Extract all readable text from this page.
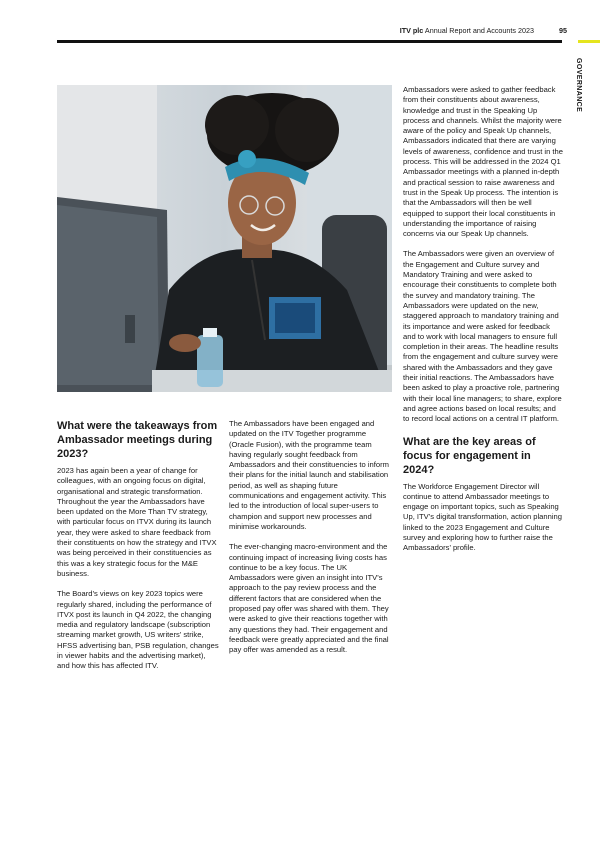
ITV plc Annual Report and Accounts 2023	95
GOVERNANCE
What were the takeaways from Ambassador meetings during 2023?

2023 has again been a year of change for colleagues, with an ongoing focus on digital, organisational and strategic transformation. Throughout the year the Ambassadors have been updated on the More Than TV strategy, with particular focus on ITVX during its launch year, they were asked to share feedback from their constituents on how the strategy and ITVX was being perceived in their constituencies as this was a key strategic focus for the M&E business.

The Board’s views on key 2023 topics were regularly shared, including the performance of ITVX post its launch in Q4 2022, the changing media and regulatory landscape (subscription streaming market growth, US writers’ strike, HFSS advertising ban, PSB regulation, changes in viewer habits and the advertising market), and how this has affected ITV.

The Ambassadors have been engaged and updated on the ITV Together programme (Oracle Fusion), with the programme team having regularly sought feedback from Ambassadors and their constituencies to inform their plans for the initial launch and stabilisation period, as well as shaping future communications and engagement activity. This led to the introduction of local super-users to champion and support new processes and minimise workarounds.

The ever-changing macro-environment and the continuing impact of increasing living costs has continue to be a key focus. The UK Ambassadors were given an insight into ITV’s approach to the pay review process and the different factors that are considered when the proposed pay offer was shared with them. They were asked to give their reactions together with any questions they had. Their engagement and feedback were greatly appreciated and the final pay offer was amended as a result.

Ambassadors were asked to gather feedback from their constituents about awareness, knowledge and trust in the Speaking Up process and channels. Whilst the majority were aware of the policy and Speak Up channels, Ambassadors indicated that there are varying levels of awareness, confidence and trust in the process. This will be addressed in the 2024 Q1 Ambassador meetings with a planned in-depth and practical session to raise awareness and trust in the Speak Up process. The intention is that the Ambassadors will then be well equipped to support their local constituents in understanding the importance of raising concerns via our Speak Up channels.

The Ambassadors were given an overview of the Engagement and Culture survey and Mandatory Training and were asked to encourage their constituents to complete both the survey and mandatory training. The Ambassadors were updated on the new, staggered approach to mandatory training and its importance and were asked for feedback and to work with local managers to ensure full completion in their areas. The headline results from the engagement and culture survey were shared with the Ambassadors and they gave their initial reactions. The Ambassadors have been asked to play a proactive role, partnering with their local line managers; to share, explore and agree actions based on local results; and to record local actions on a central IT platform.

What are the key areas of focus for engagement in 2024?

The Workforce Engagement Director will continue to attend Ambassador meetings to engage on important topics, such as Speaking Up, ITV’s digital transformation, action planning linked to the 2023 Engagement and Culture survey and exploring how to further raise the Ambassadors’ profile.
